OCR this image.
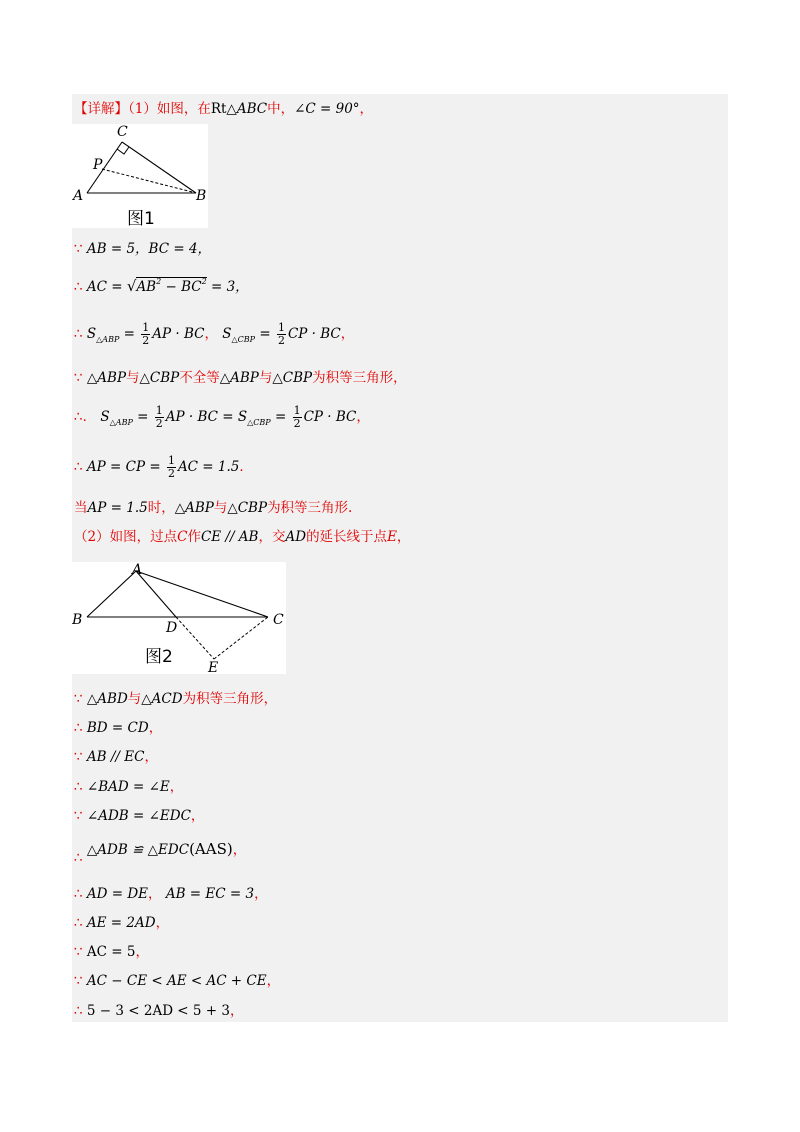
【详解】（1）如图，在Rt△ABC中，∠C = 90°，
C
P
A	B
图1
∵ AB = 5，BC = 4，
∴ AC = $√AB^2 - BC^2 = 3$，
∴ $S_{\triangle ABP} = \frac{1}{2}$ AP · BC， $S_{\triangle CBP} = \frac{1}{2}$ CP · BC，
∵ △ABP与△CBP不全等△ABP与△CBP为积等三角形，
∴． $S_{\triangle ABP} = \frac{1}{2}$ AP · BC = $S_{\triangle CBP} = \frac{1}{2}$ CP · BC，
∴ AP = CP = $\frac{1}{2}$ AC = 1.5．
当AP = 1.5时，△ABP与△CBP为积等三角形.
（2）如图，过点C作CE // AB，交AD的延长线于点E，
A
B	C
D
E
图2
∵ △ABD与△ACD为积等三角形，
∴ BD = CD，
∵ AB // EC，
∴ ∠BAD = ∠E，
∵ ∠ADB = ∠EDC，
∴ △ADB ≌ △EDC(AAS)，
∴ AD = DE， AB = EC = 3，
∴ AE = 2AD，
∵ AC = 5，
∵ AC − CE < AE < AC + CE，
∴ 5 − 3 < 2AD < 5 + 3，
